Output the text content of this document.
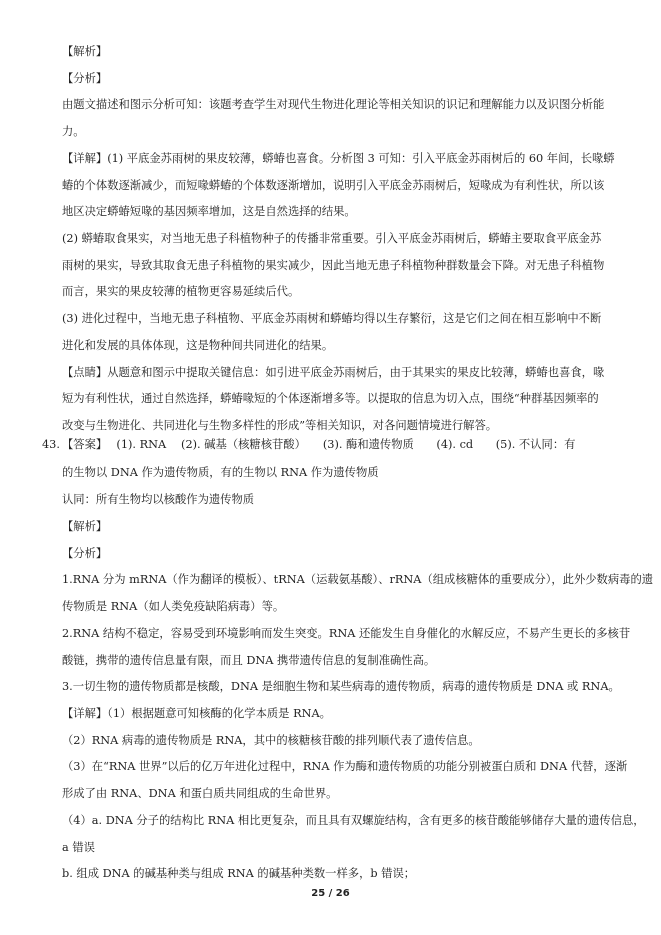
43.
【解析】
【分析】
由题文描述和图示分析可知：该题考查学生对现代生物进化理论等相关知识的识记和理解能力以及识图分析能
力。
【详解】(1) 平底金苏雨树的果皮较薄，蟒蝽也喜食。分析图 3 可知：引入平底金苏雨树后的 60 年间，长喙蟒
蝽的个体数逐渐减少，而短喙蟒蝽的个体数逐渐增加，说明引入平底金苏雨树后，短喙成为有利性状，所以该
地区决定蟒蝽短喙的基因频率增加，这是自然选择的结果。
(2) 蟒蝽取食果实，对当地无患子科植物种子的传播非常重要。引入平底金苏雨树后，蟒蝽主要取食平底金苏
雨树的果实，导致其取食无患子科植物的果实减少，因此当地无患子科植物种群数量会下降。对无患子科植物
而言，果实的果皮较薄的植物更容易延续后代。
(3) 进化过程中，当地无患子科植物、平底金苏雨树和蟒蝽均得以生存繁衍，这是它们之间在相互影响中不断
进化和发展的具体体现，这是物种间共同进化的结果。
【点睛】从题意和图示中提取关键信息：如引进平底金苏雨树后，由于其果实的果皮比较薄，蟒蝽也喜食，喙
短为有利性状，通过自然选择，蟒蝽喙短的个体逐渐增多等。以提取的信息为切入点，围绕“种群基因频率的
改变与生物进化、共同进化与生物多样性的形成”等相关知识，对各问题情境进行解答。
【答案】　 (1). RNA　 (2). 碱基（核糖核苷酸）　　(3). 酶和遗传物质　　(4). cd　　(5). 不认同：有
的生物以 DNA 作为遗传物质，有的生物以 RNA 作为遗传物质
认同：所有生物均以核酸作为遗传物质
【解析】
【分析】
1.RNA 分为 mRNA（作为翻译的模板）、tRNA（运载氨基酸）、rRNA（组成核糖体的重要成分），此外少数病毒的遗
传物质是 RNA（如人类免疫缺陷病毒）等。
2.RNA 结构不稳定，容易受到环境影响而发生突变。RNA 还能发生自身催化的水解反应，不易产生更长的多核苷
酸链，携带的遗传信息量有限，而且 DNA 携带遗传信息的复制准确性高。
3.一切生物的遗传物质都是核酸，DNA 是细胞生物和某些病毒的遗传物质，病毒的遗传物质是 DNA 或 RNA。
【详解】（1）根据题意可知核酶的化学本质是 RNA。
（2）RNA 病毒的遗传物质是 RNA，其中的核糖核苷酸的排列顺代表了遗传信息。
（3）在“RNA 世界”以后的亿万年进化过程中，RNA 作为酶和遗传物质的功能分别被蛋白质和 DNA 代替，逐渐
形成了由 RNA、DNA 和蛋白质共同组成的生命世界。
（4）a. DNA 分子的结构比 RNA 相比更复杂，而且具有双螺旋结构，含有更多的核苷酸能够储存大量的遗传信息，
a 错误
b. 组成 DNA 的碱基种类与组成 RNA 的碱基种类数一样多，b 错误；
25 / 26
